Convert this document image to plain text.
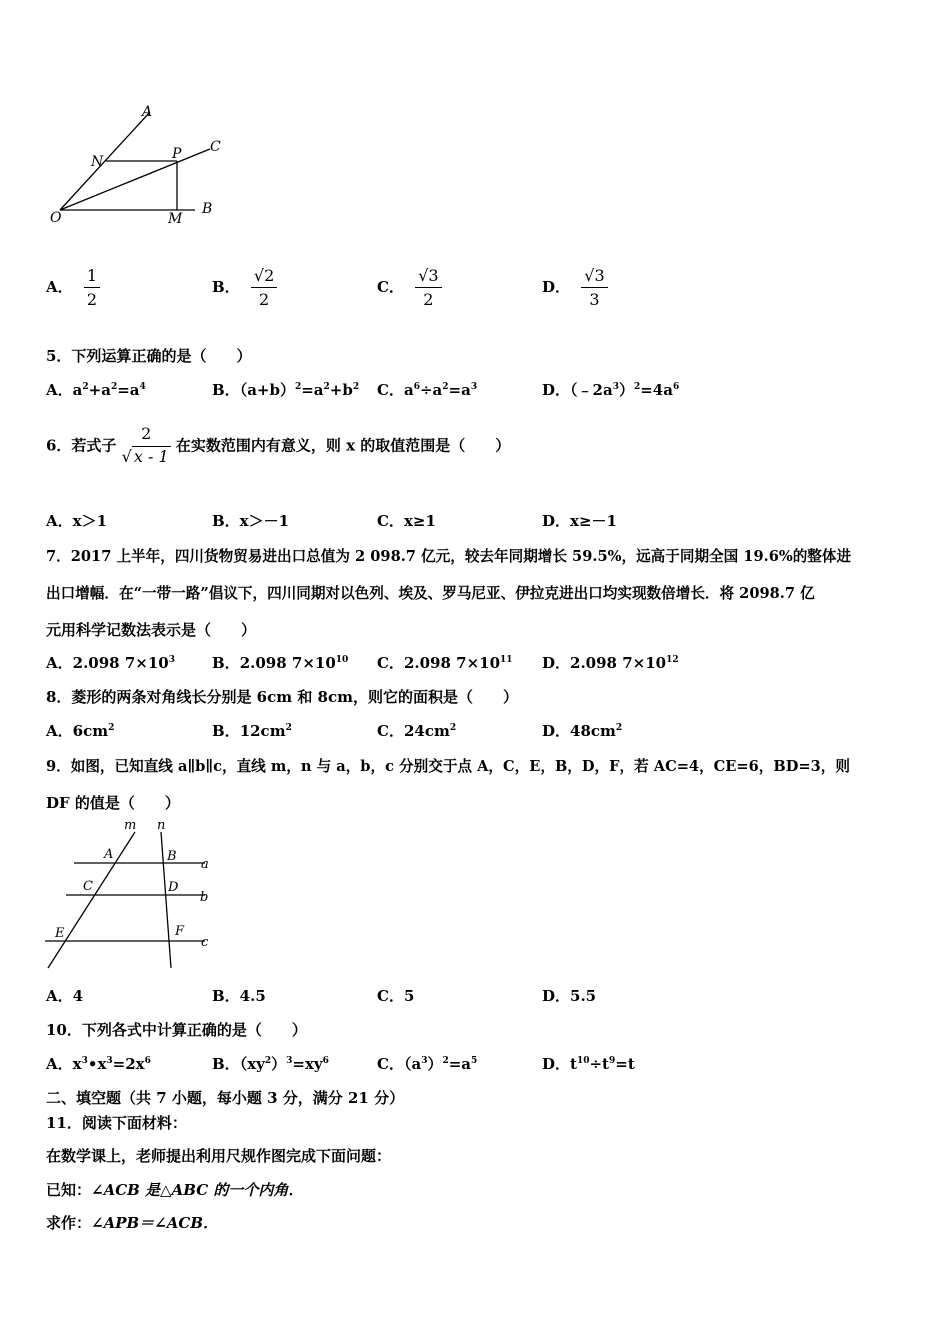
A
N	P C
O	M
B
A． $\frac{1}{2}$	B． $\frac{√2}{2}$	C． $\frac{√3}{2}$	D． $\frac{√3}{3}$
5．下列运算正确的是（　　）
A．$a^2+a^2=a^4$	B．$(a+b)^2=a^2+b^2$ C．$a^6\div a^2=a^3$	D．$(﹣2a^3)^2=4a^6$
6．若式子
2
√ x - 1
在实数范围内有意义，则 x 的取值范围是（　　）
A．x＞1	B．x＞－1	C．x≥1	D．x≥－1
7．2017 上半年，四川货物贸易进出口总值为 2 098.7 亿元，较去年同期增长 59.5%，远高于同期全国 19.6%的整体进
出口增幅．在“一带一路”倡议下，四川同期对以色列、埃及、罗马尼亚、伊拉克进出口均实现数倍增长．将 2098.7 亿
元用科学记数法表示是（　　）
A．2.098 $7\times 10^3$ B．2.098 $7\times 10^{10}$ C．2.098 $7\times 10^{11}$ D．2.098 $7\times 10^{12}$
8．菱形的两条对角线长分别是 6cm 和 8cm，则它的面积是（　　）
A．$6cm^2$	B．$12cm^2$	C．$24cm^2$	D．$48cm^2$
9．如图，已知直线 a∥b∥c，直线 m，n 与 a，b，c 分别交于点 A，C，E，B，D，F，若 AC=4，CE=6，BD=3，则
DF 的值是（　　）
m n
A	B
a
C	D
b
E	F
c
A．4	B．4.5	C．5	D．5.5
10．下列各式中计算正确的是（　　）
A．$x^3•x^3=2x^6$	B．$(xy^2)^3=xy^6$	C．$(a^3)^2=a^5$	D．$t^{10}\div t^9=t$
二、填空题（共 7 小题，每小题 3 分，满分 21 分）
11．阅读下面材料：
在数学课上，老师提出利用尺规作图完成下面问题：
已知：∠ACB 是△ABC 的一个内角．
求作：∠APB＝∠ACB．
